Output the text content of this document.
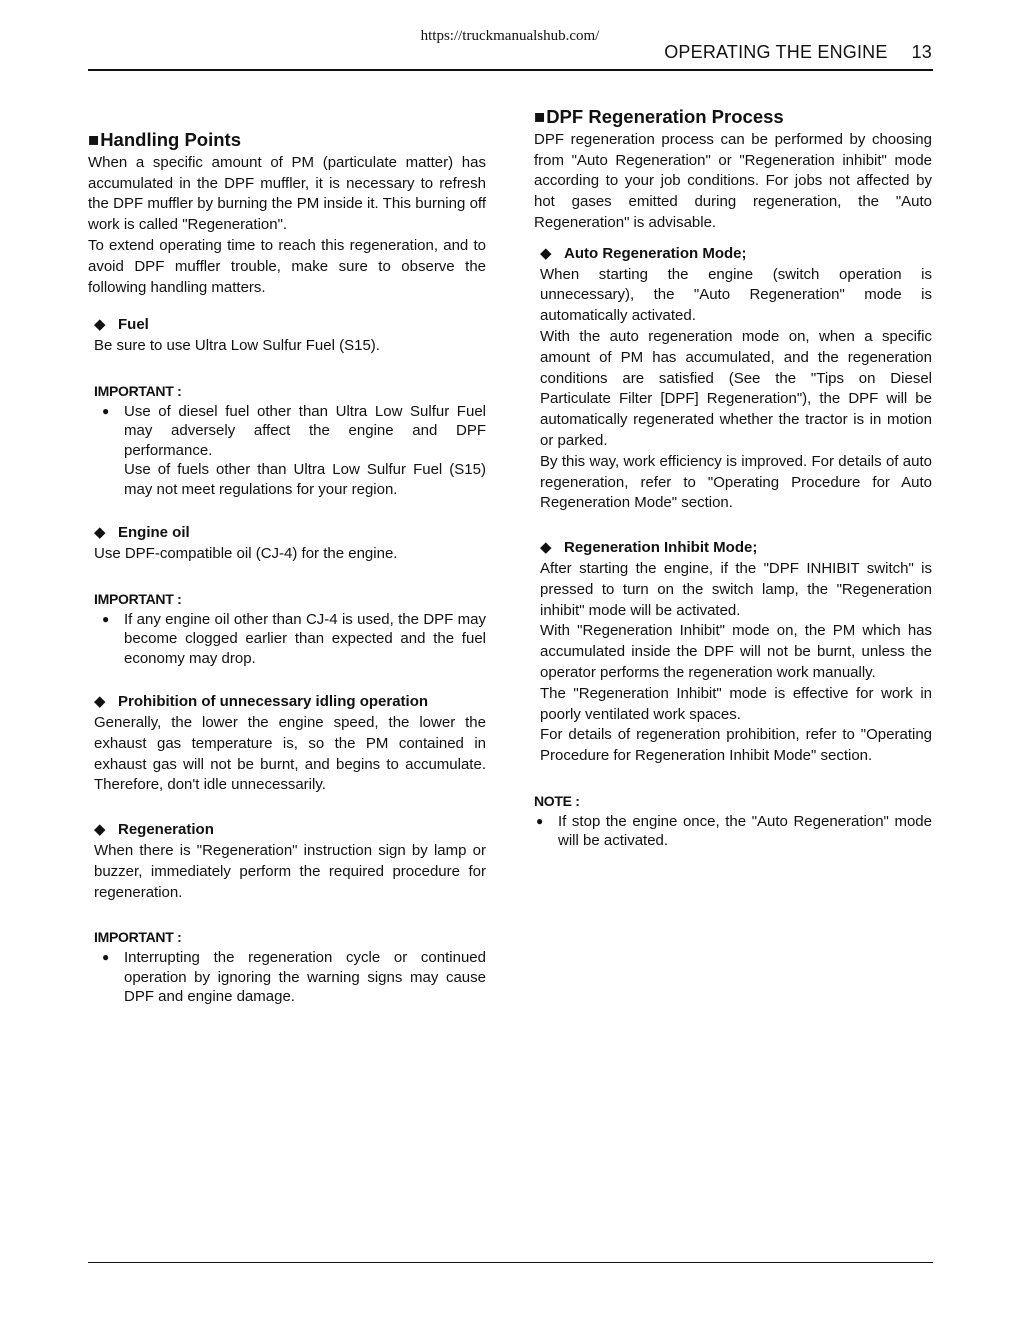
https://truckmanualshub.com/
OPERATING THE ENGINE 13
■Handling Points

When a specific amount of PM (particulate matter) has accumulated in the DPF muffler, it is necessary to refresh the DPF muffler by burning the PM inside it. This burning off work is called "Regeneration".

To extend operating time to reach this regeneration, and to avoid DPF muffler trouble, make sure to observe the following handling matters.

◆ Fuel

Be sure to use Ultra Low Sulfur Fuel (S15).

IMPORTANT :
● Use of diesel fuel other than Ultra Low Sulfur Fuel may adversely affect the engine and DPF performance.
Use of fuels other than Ultra Low Sulfur Fuel (S15) may not meet regulations for your region.
◆ Engine oil

Use DPF-compatible oil (CJ-4) for the engine.

IMPORTANT :
● If any engine oil other than CJ-4 is used, the DPF may become clogged earlier than expected and the fuel economy may drop.
◆ Prohibition of unnecessary idling operation

Generally, the lower the engine speed, the lower the exhaust gas temperature is, so the PM contained in exhaust gas will not be burnt, and begins to accumulate. Therefore, don't idle unnecessarily.

◆ Regeneration

When there is "Regeneration" instruction sign by lamp or buzzer, immediately perform the required procedure for regeneration.

IMPORTANT :
● Interrupting the regeneration cycle or continued operation by ignoring the warning signs may cause DPF and engine damage.
■DPF Regeneration Process

DPF regeneration process can be performed by choosing from "Auto Regeneration" or "Regeneration inhibit" mode according to your job conditions. For jobs not affected by hot gases emitted during regeneration, the "Auto Regeneration" is advisable.

◆ Auto Regeneration Mode;

When starting the engine (switch operation is unnecessary), the "Auto Regeneration" mode is automatically activated.

With the auto regeneration mode on, when a specific amount of PM has accumulated, and the regeneration conditions are satisfied (See the "Tips on Diesel Particulate Filter [DPF] Regeneration"), the DPF will be automatically regenerated whether the tractor is in motion or parked.

By this way, work efficiency is improved. For details of auto regeneration, refer to "Operating Procedure for Auto Regeneration Mode" section.

◆ Regeneration Inhibit Mode;

After starting the engine, if the "DPF INHIBIT switch" is pressed to turn on the switch lamp, the "Regeneration inhibit" mode will be activated.

With "Regeneration Inhibit" mode on, the PM which has accumulated inside the DPF will not be burnt, unless the operator performs the regeneration work manually.

The "Regeneration Inhibit" mode is effective for work in poorly ventilated work spaces.

For details of regeneration prohibition, refer to "Operating Procedure for Regeneration Inhibit Mode" section.

NOTE :
● If stop the engine once, the "Auto Regeneration" mode will be activated.
